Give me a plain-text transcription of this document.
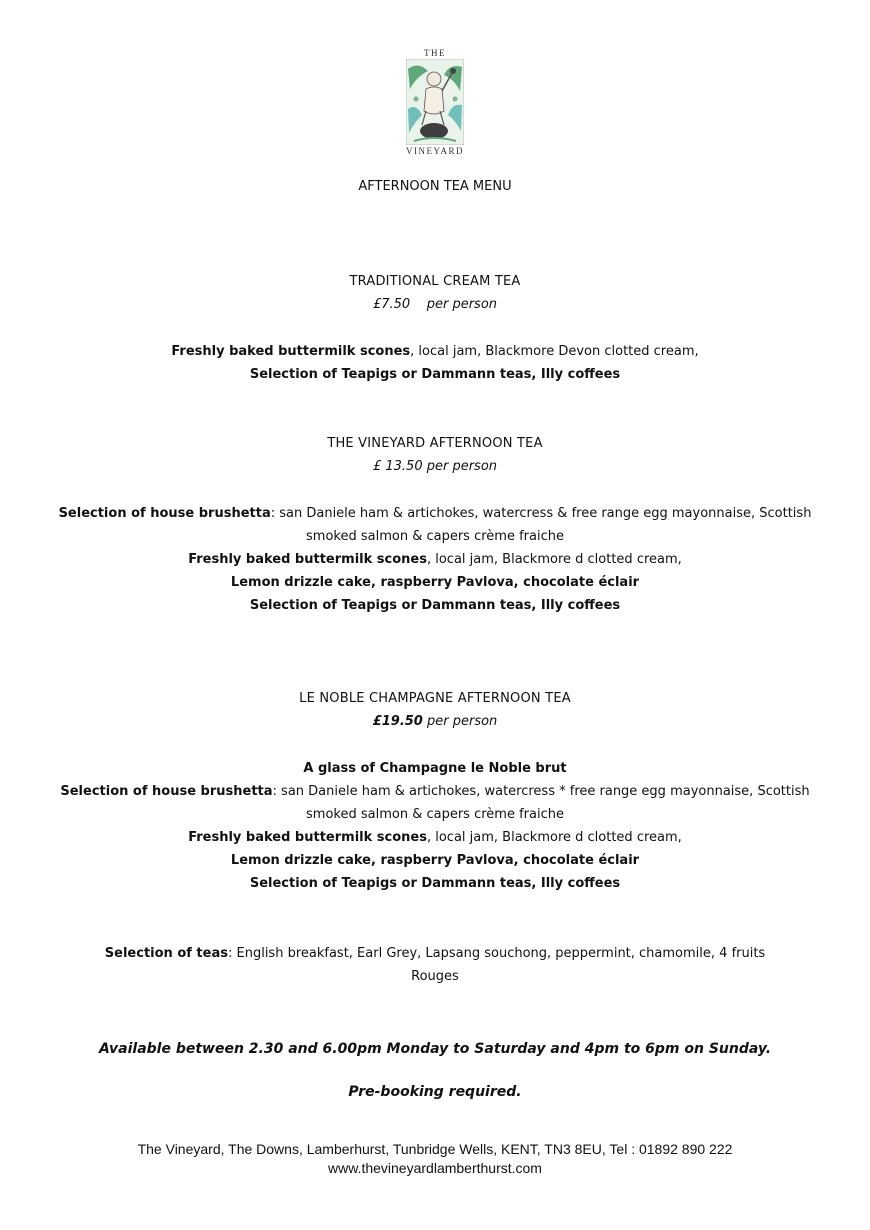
THE
VINEYARD
AFTERNOON TEA MENU
TRADITIONAL CREAM TEA
£7.50 per person
Freshly baked buttermilk scones, local jam, Blackmore Devon clotted cream,
Selection of Teapigs or Dammann teas, Illy coffees
THE VINEYARD AFTERNOON TEA
£ 13.50 per person
Selection of house brushetta: san Daniele ham & artichokes, watercress & free range egg mayonnaise, Scottish
smoked salmon & capers crème fraiche
Freshly baked buttermilk scones, local jam, Blackmore d clotted cream,
Lemon drizzle cake, raspberry Pavlova, chocolate éclair
Selection of Teapigs or Dammann teas, Illy coffees
LE NOBLE CHAMPAGNE AFTERNOON TEA
£19.50 per person
A glass of Champagne le Noble brut
Selection of house brushetta: san Daniele ham & artichokes, watercress * free range egg mayonnaise, Scottish
smoked salmon & capers crème fraiche
Freshly baked buttermilk scones, local jam, Blackmore d clotted cream,
Lemon drizzle cake, raspberry Pavlova, chocolate éclair
Selection of Teapigs or Dammann teas, Illy coffees
Selection of teas: English breakfast, Earl Grey, Lapsang souchong, peppermint, chamomile, 4 fruits
Rouges
Available between 2.30 and 6.00pm Monday to Saturday and 4pm to 6pm on Sunday.
Pre-booking required.
The Vineyard, The Downs, Lamberhurst, Tunbridge Wells, KENT, TN3 8EU, Tel : 01892 890 222
www.thevineyardlamberthurst.com
